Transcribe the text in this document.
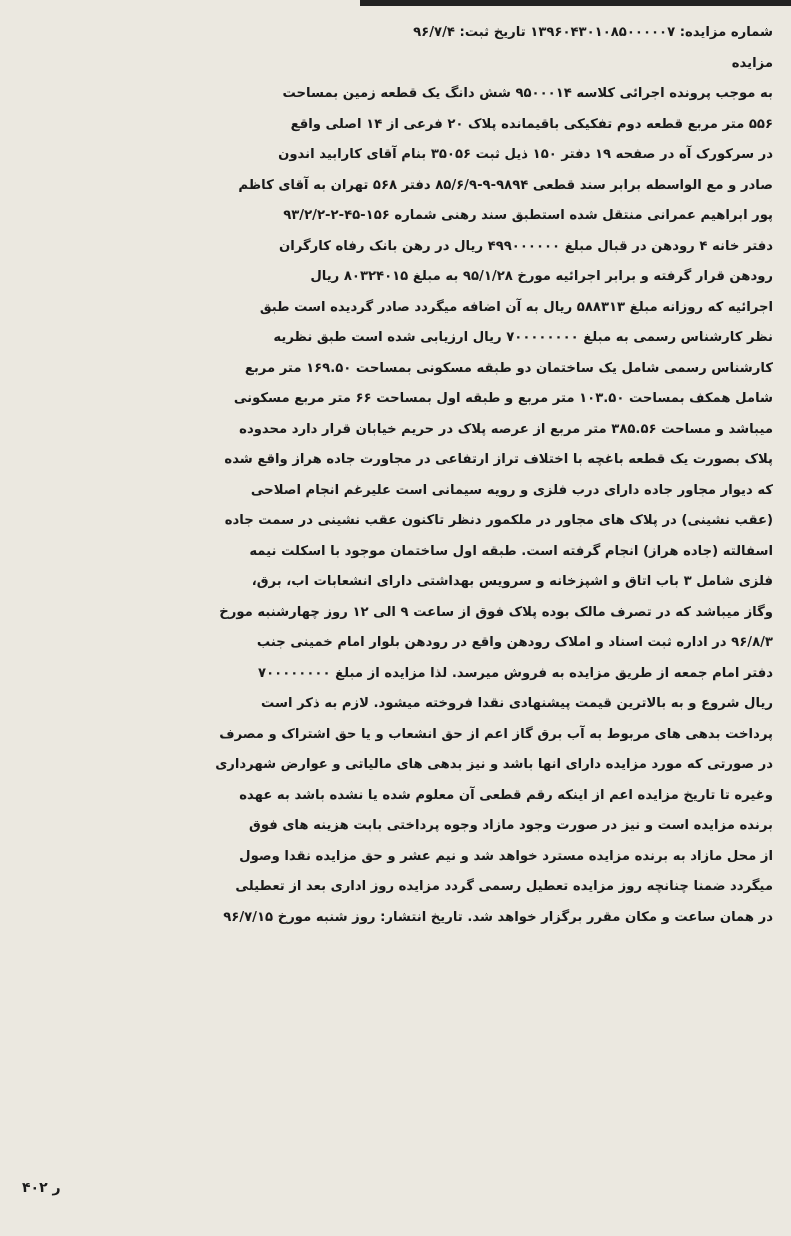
شماره مزایده: ۱۳۹۶۰۴۳۰۱۰۸۵۰۰۰۰۰۷ تاریخ ثبت: ۹۶/۷/۴
مزایده
به موجب پرونده اجرائی کلاسه ۹۵۰۰۰۱۴ شش دانگ یک قطعه زمین بمساحت
۵۵۶ متر مربع قطعه دوم تفکیکی باقیمانده پلاک ۲۰ فرعی از ۱۴ اصلی واقع
در سرکورک آه در صفحه ۱۹ دفتر ۱۵۰ ذیل ثبت ۳۵۰۵۶ بنام آقای کارابید اندون
صادر و مع الواسطه برابر سند قطعی ۹۸۹۴-۹-۸۵/۶/۹ دفتر ۵۶۸ تهران به آقای کاظم
پور ابراهیم عمرانی منتقل شده استطبق سند رهنی شماره ۱۵۶-۴۵-۲-۹۳/۲/۲
دفتر خانه ۴ رودهن در قبال مبلغ ۴۹۹۰۰۰۰۰۰ ریال در رهن بانک رفاه کارگران
رودهن قرار گرفته و برابر اجرائیه مورخ ۹۵/۱/۲۸ به مبلغ ۸۰۳۲۴۰۱۵ ریال
اجرائیه که روزانه مبلغ ۵۸۸۳۱۳ ریال به آن اضافه میگردد صادر گردیده است طبق
نظر کارشناس رسمی به مبلغ ۷۰۰۰۰۰۰۰۰ ریال ارزیابی شده است طبق نظریه
کارشناس رسمی شامل یک ساختمان دو طبقه مسکونی بمساحت ۱۶۹.۵۰ متر مربع
شامل همکف بمساحت ۱۰۳.۵۰ متر مربع و طبقه اول بمساحت ۶۶ متر مربع مسکونی
میباشد و مساحت ۳۸۵.۵۶ متر مربع از عرصه پلاک در حریم خیابان قرار دارد محدوده
پلاک بصورت یک قطعه باغچه با اختلاف تراز ارتفاعی در مجاورت جاده هراز واقع شده
که دیوار مجاور جاده دارای درب فلزی و رویه سیمانی است علیرغم انجام اصلاحی
(عقب نشینی) در پلاک های مجاور در ملکمور دنظر تاکنون عقب نشینی در سمت جاده
اسفالته (جاده هراز) انجام گرفته است. طبقه اول ساختمان موجود با اسکلت نیمه
فلزی شامل ۳ باب اتاق و اشپزخانه و سرویس بهداشتی دارای انشعابات اب، برق،
وگاز میباشد که در تصرف مالک بوده پلاک فوق از ساعت ۹ الی ۱۲ روز چهارشنبه مورخ
۹۶/۸/۳ در اداره ثبت اسناد و املاک رودهن واقع در رودهن بلوار امام خمینی جنب
دفتر امام جمعه از طریق مزایده به فروش میرسد. لذا مزایده از مبلغ ۷۰۰۰۰۰۰۰۰
ریال شروع و به بالاترین قیمت پیشنهادی نقدا فروخته میشود. لازم به ذکر است
پرداخت بدهی های مربوط به آب برق گاز اعم از حق انشعاب و یا حق اشتراک و مصرف
در صورتی که مورد مزایده دارای انها باشد و نیز بدهی های مالیاتی و عوارض شهرداری
وغیره تا تاریخ مزایده اعم از اینکه رقم قطعی آن معلوم شده یا نشده باشد به عهده
برنده مزایده است و نیز در صورت وجود مازاد وجوه پرداختی بابت هزینه های فوق
از محل مازاد به برنده مزایده مسترد خواهد شد و نیم عشر و حق مزایده نقدا وصول
میگردد ضمنا چنانچه روز مزایده تعطیل رسمی گردد مزایده روز اداری بعد از تعطیلی
در همان ساعت و مکان مقرر برگزار خواهد شد. تاریخ انتشار: روز شنبه مورخ ۹۶/۷/۱۵
ر ۴۰۲
